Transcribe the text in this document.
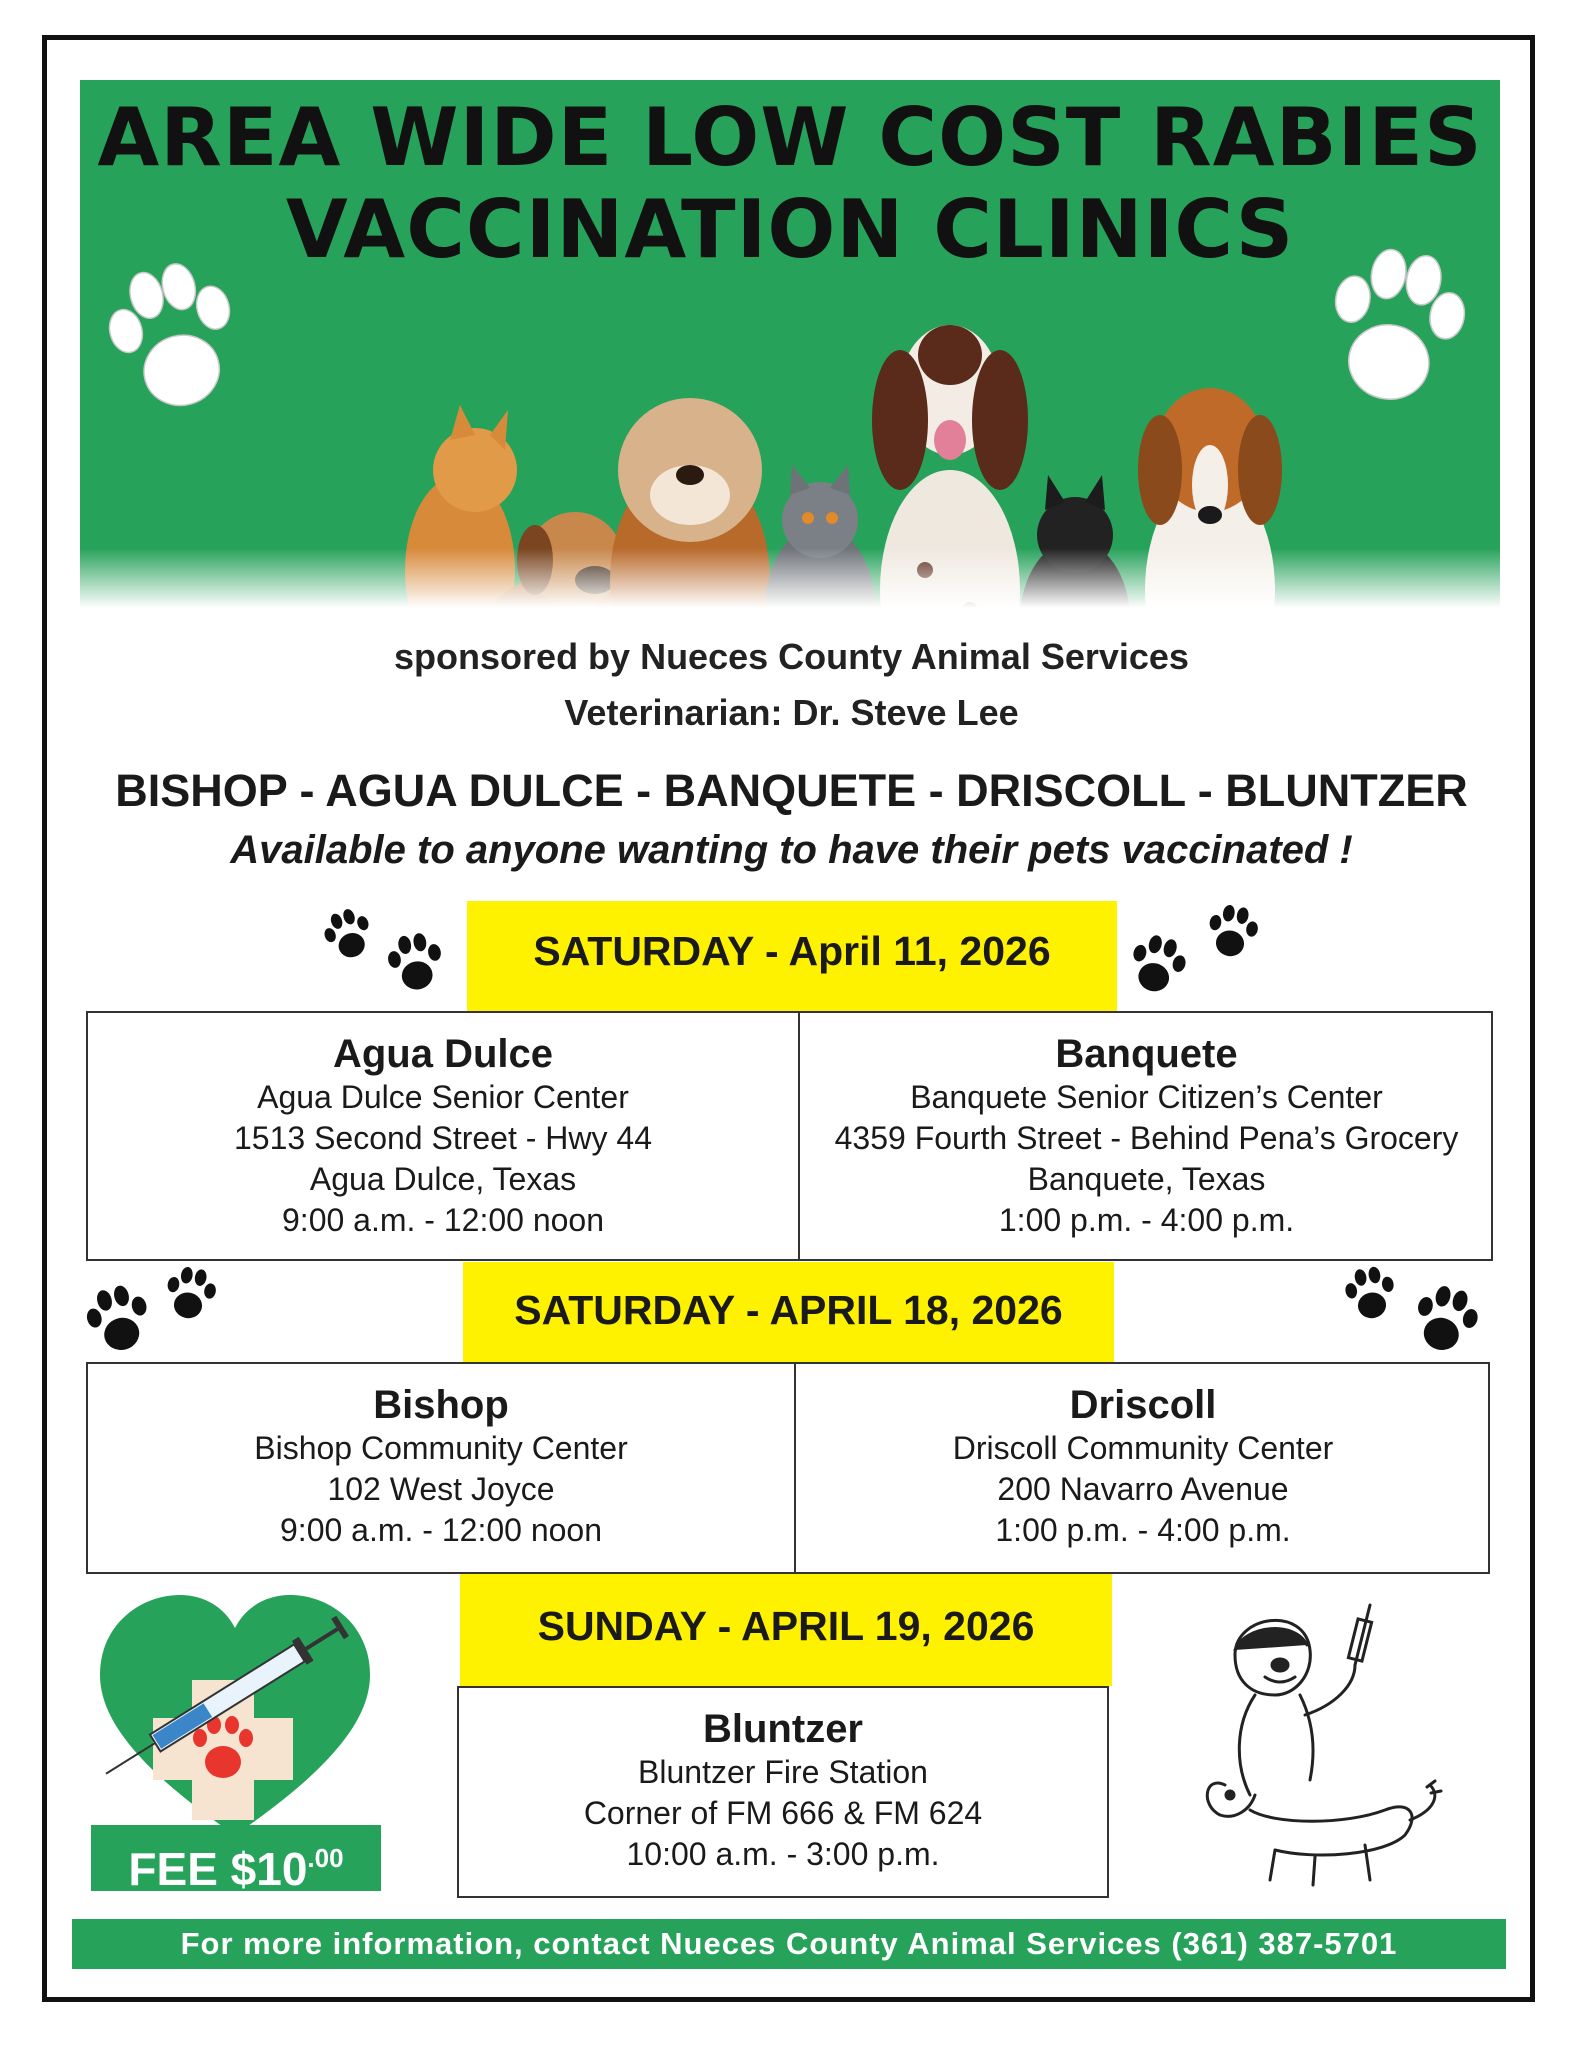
AREA WIDE LOW COST RABIES
VACCINATION CLINICS
sponsored by Nueces County Animal Services
Veterinarian: Dr. Steve Lee
BISHOP - AGUA DULCE - BANQUETE - DRISCOLL - BLUNTZER
Available to anyone wanting to have their pets vaccinated !
SATURDAY - April 11, 2026
Agua Dulce
Agua Dulce Senior Center
1513 Second Street - Hwy 44
Agua Dulce, Texas
9:00 a.m. - 12:00 noon
Banquete
Banquete Senior Citizen’s Center
4359 Fourth Street - Behind Pena’s Grocery
Banquete, Texas
1:00 p.m. - 4:00 p.m.
SATURDAY - APRIL 18, 2026
Bishop
Bishop Community Center
102 West Joyce
9:00 a.m. - 12:00 noon
Driscoll
Driscoll Community Center
200 Navarro Avenue
1:00 p.m. - 4:00 p.m.
SUNDAY - APRIL 19, 2026
Bluntzer
Bluntzer Fire Station
Corner of FM 666 & FM 624
10:00 a.m. - 3:00 p.m.
FEE $\$10^{.00}$
For more information, contact Nueces County Animal Services (361) 387-5701
